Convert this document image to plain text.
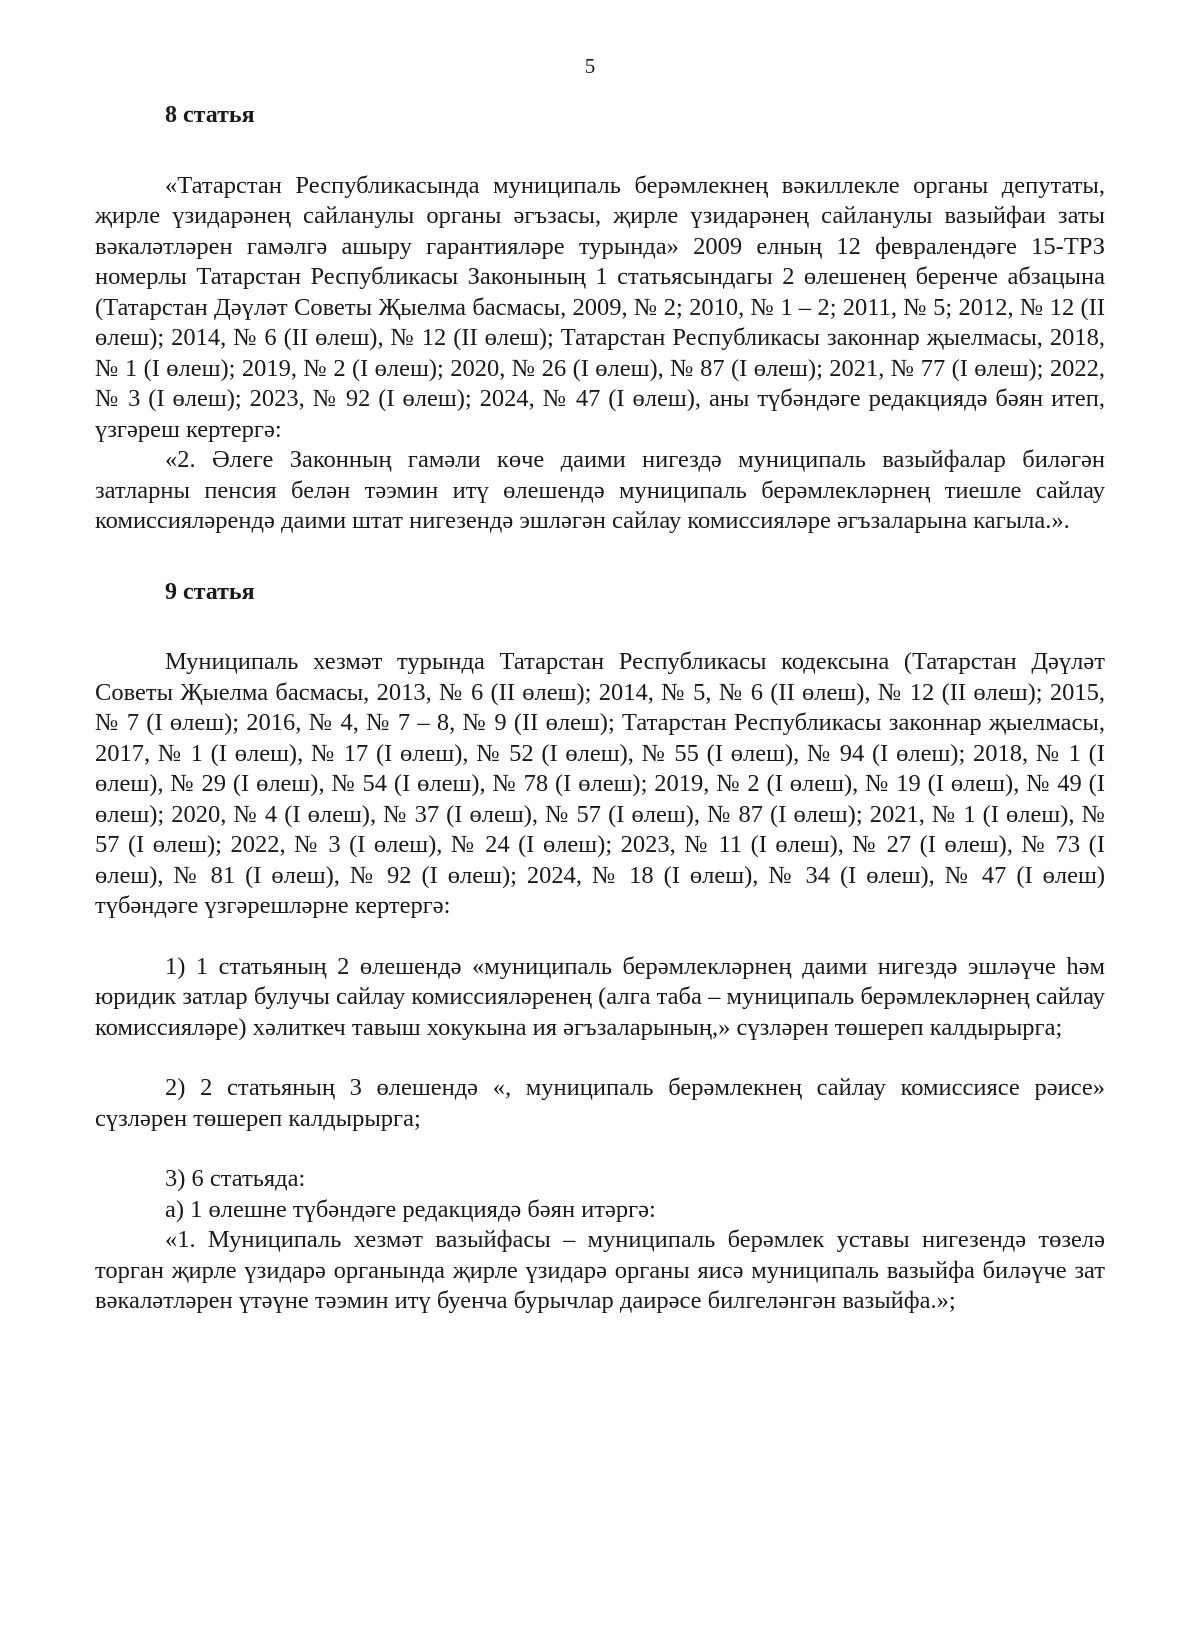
5

8 статья

«Татарстан Республикасында муниципаль берәмлекнең вәкиллекле органы депутаты, җирле үзидарәнең сайланулы органы әгъзасы, җирле үзидарәнең сайланулы вазыйфаи заты вәкаләтләрен гамәлгә ашыру гарантияләре турында» 2009 елның 12 февралендәге 15-ТРЗ номерлы Татарстан Республикасы Законының 1 статьясындагы 2 өлешенең беренче абзацына (Татарстан Дәүләт Советы Җыелма басмасы, 2009, № 2; 2010, № 1 – 2; 2011, № 5; 2012, № 12 (II өлеш); 2014, № 6 (II өлеш), № 12 (II өлеш); Татарстан Республикасы законнар җыелмасы, 2018, № 1 (I өлеш); 2019, № 2 (I өлеш); 2020, № 26 (I өлеш), № 87 (I өлеш); 2021, № 77 (I өлеш); 2022, № 3 (I өлеш); 2023, № 92 (I өлеш); 2024, № 47 (I өлеш), аны түбәндәге редакциядә бәян итеп, үзгәреш кертергә:

«2. Әлеге Законның гамәли көче даими нигездә муниципаль вазыйфалар биләгән затларны пенсия белән тәэмин итү өлешендә муниципаль берәмлекләрнең тиешле сайлау комиссияләрендә даими штат нигезендә эшләгән сайлау комиссияләре әгъзаларына кагыла.».

9 статья

Муниципаль хезмәт турында Татарстан Республикасы кодексына (Татарстан Дәүләт Советы Җыелма басмасы, 2013, № 6 (II өлеш); 2014, № 5, № 6 (II өлеш), № 12 (II өлеш); 2015, № 7 (I өлеш); 2016, № 4, № 7 – 8, № 9 (II өлеш); Татарстан Республикасы законнар җыелмасы, 2017, № 1 (I өлеш), № 17 (I өлеш), № 52 (I өлеш), № 55 (I өлеш), № 94 (I өлеш); 2018, № 1 (I өлеш), № 29 (I өлеш), № 54 (I өлеш), № 78 (I өлеш); 2019, № 2 (I өлеш), № 19 (I өлеш), № 49 (I өлеш); 2020, № 4 (I өлеш), № 37 (I өлеш), № 57 (I өлеш), № 87 (I өлеш); 2021, № 1 (I өлеш), № 57 (I өлеш); 2022, № 3 (I өлеш), № 24 (I өлеш); 2023, № 11 (I өлеш), № 27 (I өлеш), № 73 (I өлеш), № 81 (I өлеш), № 92 (I өлеш); 2024, № 18 (I өлеш), № 34 (I өлеш), № 47 (I өлеш) түбәндәге үзгәрешләрне кертергә:

1) 1 статьяның 2 өлешендә «муниципаль берәмлекләрнең даими нигездә эшләүче һәм юридик затлар булучы сайлау комиссияләренең (алга таба – муниципаль берәмлекләрнең сайлау комиссияләре) хәлиткеч тавыш хокукына ия әгъзаларының,» сүзләрен төшереп калдырырга;

2) 2 статьяның 3 өлешендә «, муниципаль берәмлекнең сайлау комиссиясе рәисе» сүзләрен төшереп калдырырга;

3) 6 статьяда:

а) 1 өлешне түбәндәге редакциядә бәян итәргә:

«1. Муниципаль хезмәт вазыйфасы – муниципаль берәмлек уставы нигезендә төзелә торган җирле үзидарә органында җирле үзидарә органы яисә муниципаль вазыйфа биләүче зат вәкаләтләрен үтәүне тәэмин итү буенча бурычлар даирәсе билгеләнгән вазыйфа.»;
